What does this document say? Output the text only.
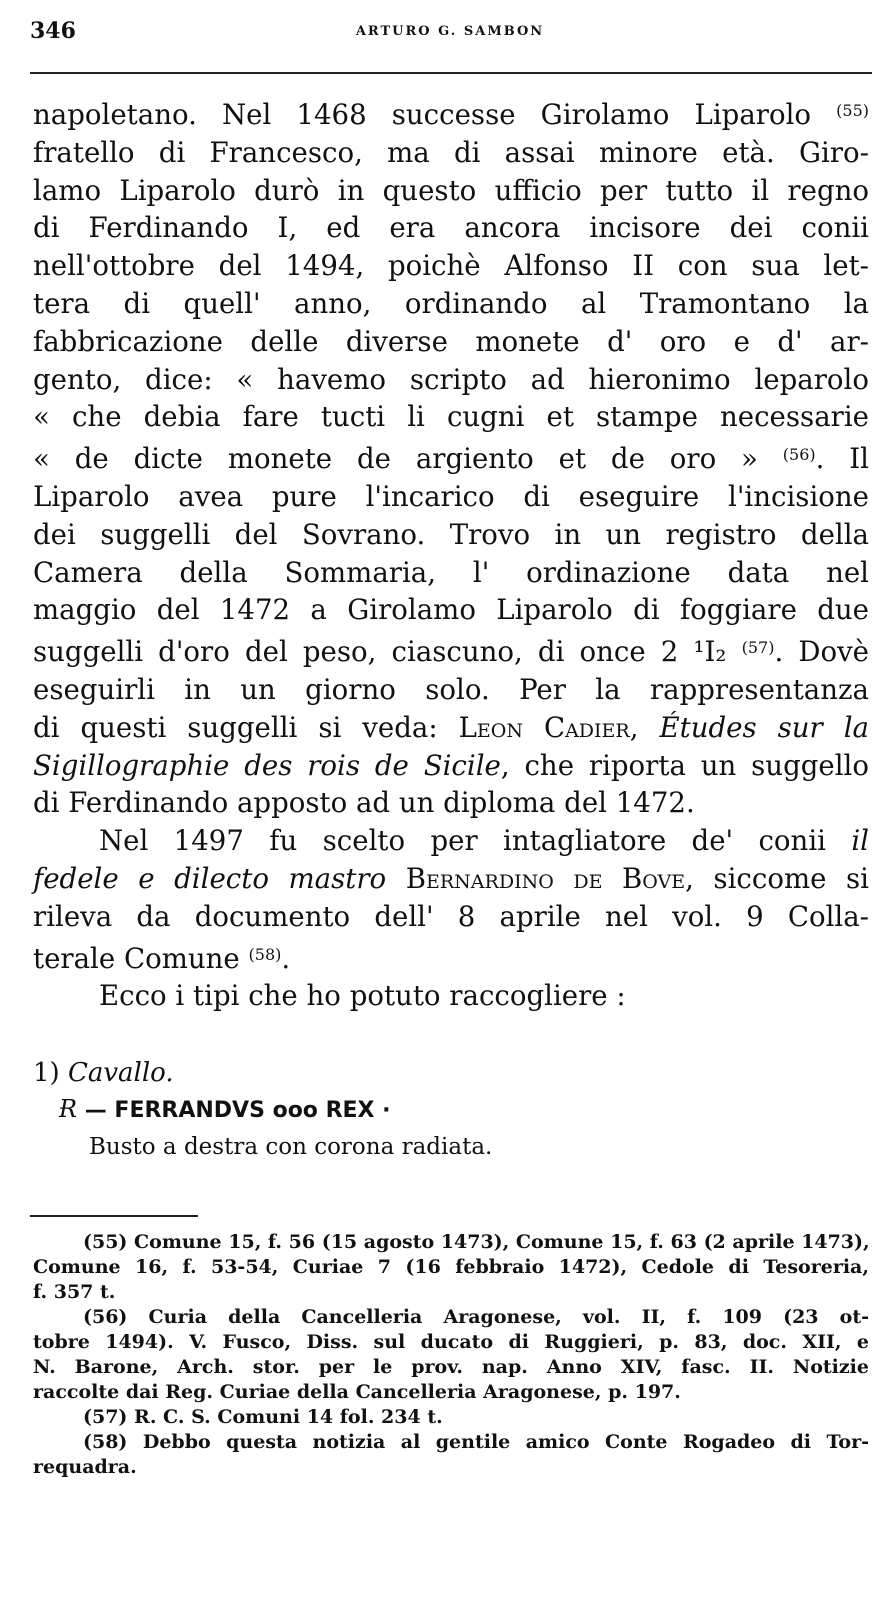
346	ARTURO G. SAMBON
napoletano. Nel 1468 successe Girolamo Liparolo $^{(55)}$
fratello di Francesco, ma di assai minore età. Giro-
lamo Liparolo durò in questo ufficio per tutto il regno
di Ferdinando I, ed era ancora incisore dei conii
nell'ottobre del 1494, poichè Alfonso II con sua let-
tera di quell' anno, ordinando al Tramontano la
fabbricazione delle diverse monete d' oro e d' ar-
gento, dice: « havemo scripto ad hieronimo leparolo
« che debia fare tucti li cugni et stampe necessarie
« de dicte monete de argiento et de oro » $^{(56)}$. Il
Liparolo avea pure l'incarico di eseguire l'incisione
dei suggelli del Sovrano. Trovo in un registro della
Camera della Sommaria, l' ordinazione data nel
maggio del 1472 a Girolamo Liparolo di foggiare due
suggelli d'oro del peso, ciascuno, di once 2 ¹I₂ $^{(57)}$. Dovè
eseguirli in un giorno solo. Per la rappresentanza
di questi suggelli si veda: Leon Cadier, Études sur la
Sigillographie des rois de Sicile, che riporta un suggello
di Ferdinando apposto ad un diploma del 1472.
Nel 1497 fu scelto per intagliatore de' conii il
fedele e dilecto mastro Bernardino de Bove, siccome si
rileva da documento dell' 8 aprile nel vol. 9 Colla-
terale Comune $^{(58)}$.
Ecco i tipi che ho potuto raccogliere :
1) Cavallo.
Ɍ — FERRANDVS ooo REX ·
Busto a destra con corona radiata.
(55) Comune 15, f. 56 (15 agosto 1473), Comune 15, f. 63 (2 aprile 1473),
Comune 16, f. 53-54, Curiae 7 (16 febbraio 1472), Cedole di Tesoreria,
f. 357 t.
(56) Curia della Cancelleria Aragonese, vol. II, f. 109 (23 ot-
tobre 1494). V. Fusco, Diss. sul ducato di Ruggieri, p. 83, doc. XII, e
N. Barone, Arch. stor. per le prov. nap. Anno XIV, fasc. II. Notizie
raccolte dai Reg. Curiae della Cancelleria Aragonese, p. 197.
(57) R. C. S. Comuni 14 fol. 234 t.
(58) Debbo questa notizia al gentile amico Conte Rogadeo di Tor-
requadra.
